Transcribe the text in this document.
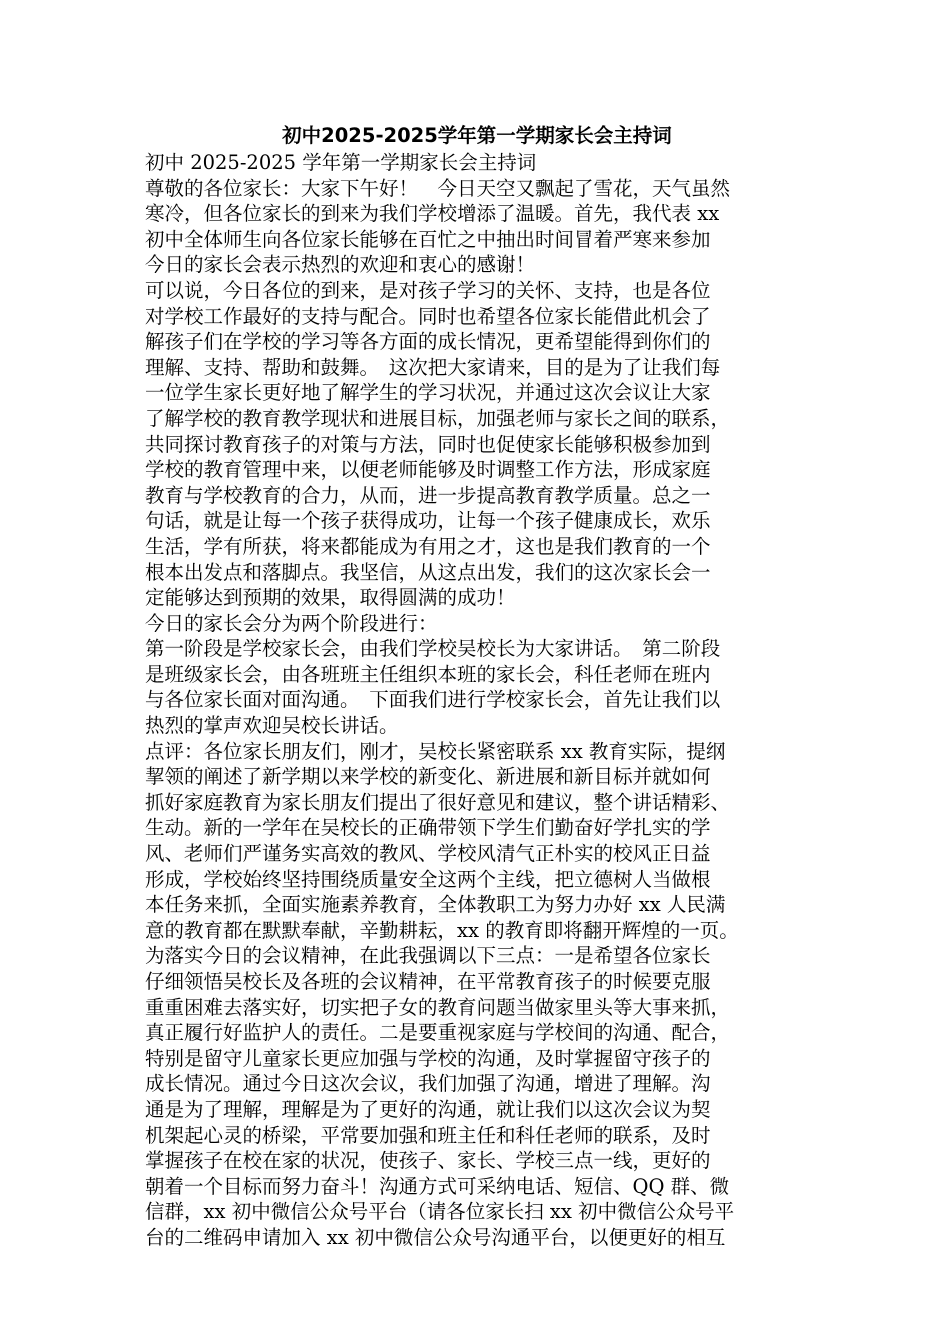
初中2025-2025学年第一学期家长会主持词

初中 2025-2025 学年第一学期家长会主持词

尊敬的各位家长：大家下午好！　今日天空又飘起了雪花，天气虽然

寒冷，但各位家长的到来为我们学校增添了温暖。首先，我代表 xx

初中全体师生向各位家长能够在百忙之中抽出时间冒着严寒来参加

今日的家长会表示热烈的欢迎和衷心的感谢！

可以说，今日各位的到来，是对孩子学习的关怀、支持，也是各位

对学校工作最好的支持与配合。同时也希望各位家长能借此机会了

解孩子们在学校的学习等各方面的成长情况，更希望能得到你们的

理解、支持、帮助和鼓舞。　这次把大家请来，目的是为了让我们每

一位学生家长更好地了解学生的学习状况，并通过这次会议让大家

了解学校的教育教学现状和进展目标，加强老师与家长之间的联系，

共同探讨教育孩子的对策与方法，同时也促使家长能够积极参加到

学校的教育管理中来，以便老师能够及时调整工作方法，形成家庭

教育与学校教育的合力，从而，进一步提高教育教学质量。总之一

句话，就是让每一个孩子获得成功，让每一个孩子健康成长，欢乐

生活，学有所获，将来都能成为有用之才，这也是我们教育的一个

根本出发点和落脚点。我坚信，从这点出发，我们的这次家长会一

定能够达到预期的效果，取得圆满的成功！

今日的家长会分为两个阶段进行：

第一阶段是学校家长会，由我们学校吴校长为大家讲话。　第二阶段

是班级家长会，由各班班主任组织本班的家长会，科任老师在班内

与各位家长面对面沟通。　下面我们进行学校家长会，首先让我们以

热烈的掌声欢迎吴校长讲话。

点评：各位家长朋友们，刚才，吴校长紧密联系 xx 教育实际，提纲

挈领的阐述了新学期以来学校的新变化、新进展和新目标并就如何

抓好家庭教育为家长朋友们提出了很好意见和建议，整个讲话精彩、

生动。新的一学年在吴校长的正确带领下学生们勤奋好学扎实的学

风、老师们严谨务实高效的教风、学校风清气正朴实的校风正日益

形成，学校始终坚持围绕质量安全这两个主线，把立德树人当做根

本任务来抓，全面实施素养教育，全体教职工为努力办好 xx 人民满

意的教育都在默默奉献，辛勤耕耘，xx 的教育即将翻开辉煌的一页。

为落实今日的会议精神，在此我强调以下三点：一是希望各位家长

仔细领悟吴校长及各班的会议精神，在平常教育孩子的时候要克服

重重困难去落实好，切实把子女的教育问题当做家里头等大事来抓，

真正履行好监护人的责任。二是要重视家庭与学校间的沟通、配合，

特别是留守儿童家长更应加强与学校的沟通，及时掌握留守孩子的

成长情况。通过今日这次会议，我们加强了沟通，增进了理解。沟

通是为了理解，理解是为了更好的沟通，就让我们以这次会议为契

机架起心灵的桥梁，平常要加强和班主任和科任老师的联系，及时

掌握孩子在校在家的状况，使孩子、家长、学校三点一线，更好的

朝着一个目标而努力奋斗！沟通方式可采纳电话、短信、QQ 群、微

信群，xx 初中微信公众号平台（请各位家长扫 xx 初中微信公众号平

台的二维码申请加入 xx 初中微信公众号沟通平台，以便更好的相互
